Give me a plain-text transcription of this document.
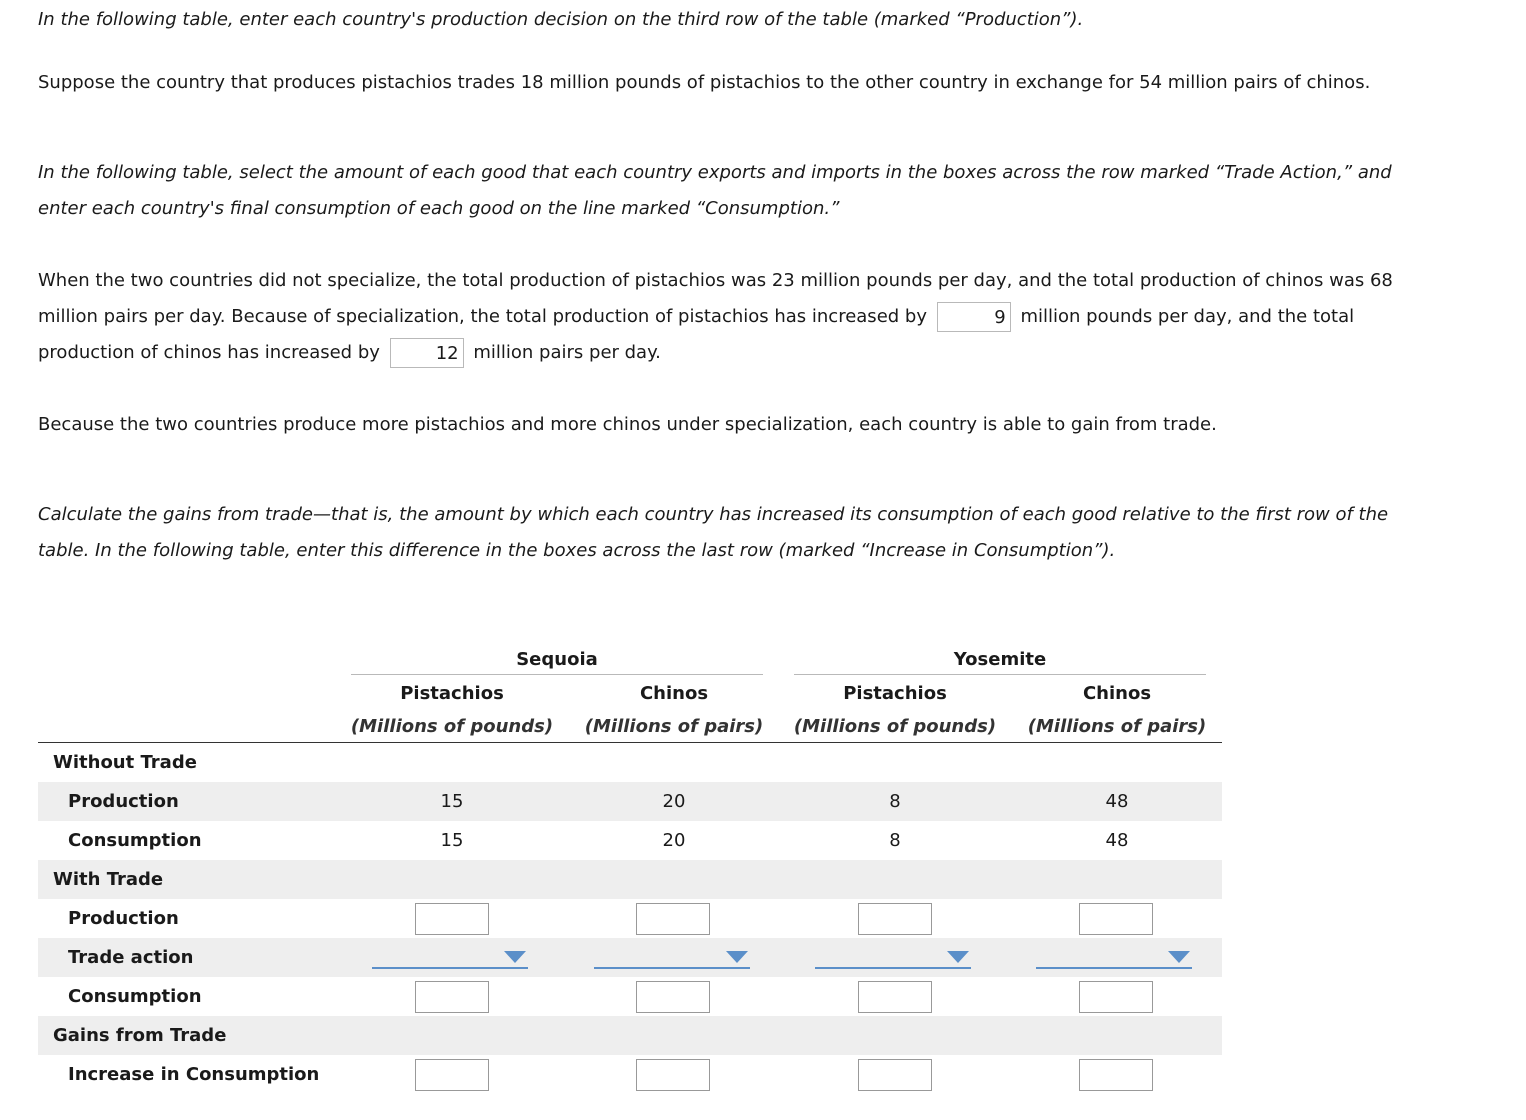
In the following table, enter each country's production decision on the third row of the table (marked “Production”).

Suppose the country that produces pistachios trades 18 million pounds of pistachios to the other country in exchange for 54 million pairs of chinos.

In the following table, select the amount of each good that each country exports and imports in the boxes across the row marked “Trade Action,” and enter each country's final consumption of each good on the line marked “Consumption.”

When the two countries did not specialize, the total production of pistachios was 23 million pounds per day, and the total production of chinos was 68 million pairs per day. Because of specialization, the total production of pistachios has increased by	9 million pounds per day, and the total production of chinos has increased by	12 million pairs per day.

Because the two countries produce more pistachios and more chinos under specialization, each country is able to gain from trade.

Calculate the gains from trade—that is, the amount by which each country has increased its consumption of each good relative to the first row of the table. In the following table, enter this difference in the boxes across the last row (marked “Increase in Consumption”).

Sequoia	Yosemite
Pistachios	Chinos	Pistachios	Chinos
(Millions of pounds)	(Millions of pairs)	(Millions of pounds)	(Millions of pairs)
Without Trade
Production	15	20	8	48
Consumption	15	20	8	48
With Trade
Production
Trade action
Consumption
Gains from Trade
Increase in Consumption
